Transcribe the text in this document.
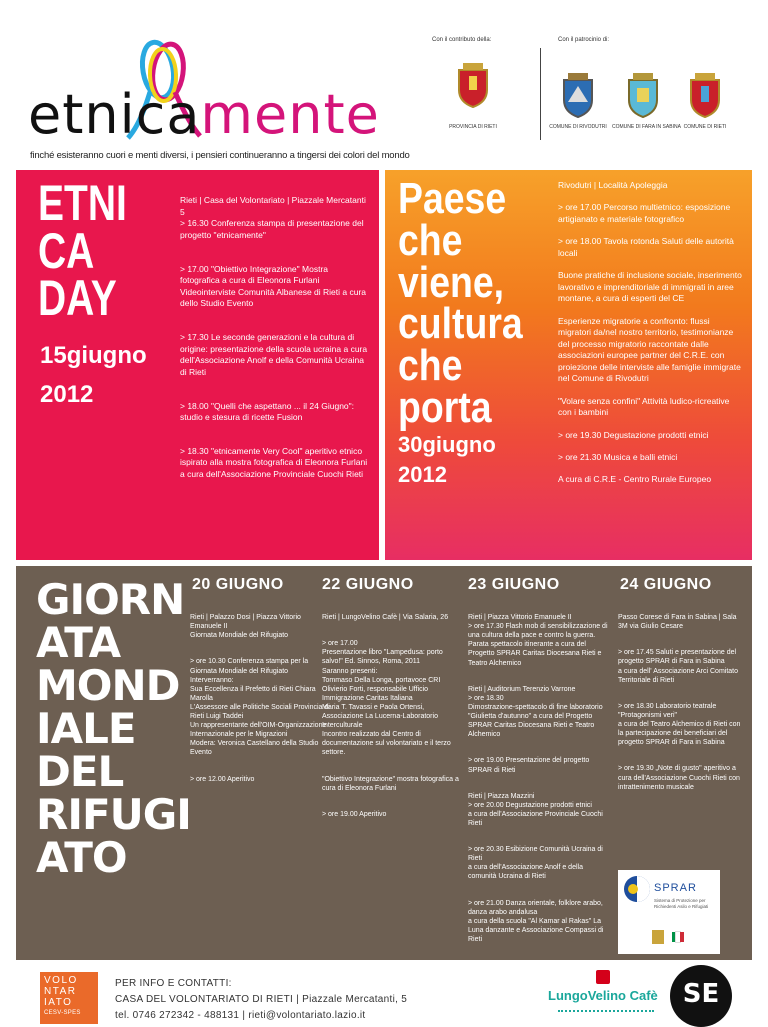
etnicamente
finché esisteranno cuori e menti diversi, i pensieri continueranno a tingersi dei colori del mondo
Con il contributo della:	Con il patrocinio di:
PROVINCIA DI RIETI	COMUNE DI RIVODUTRI	COMUNE DI FARA IN SABINA COMUNE DI RIETI
ETNI
CA
DAY
15giugno
2012

Rieti | Casa del Volontariato | Piazzale Mercatanti 5
> 16.30 Conferenza stampa di presentazione del progetto "etnicamente"

> 17.00 "Obiettivo Integrazione" Mostra fotografica a cura di Eleonora Furlani Videointerviste Comunità Albanese di Rieti a cura dello Studio Evento

> 17.30 Le seconde generazioni e la cultura di origine: presentazione della scuola ucraina a cura dell'Associazione Anolf e della Comunità Ucraina di Rieti

> 18.00 "Quelli che aspettano ... il 24 Giugno": studio e stesura di ricette Fusion

> 18.30 "etnicamente Very Cool" aperitivo etnico ispirato alla mostra fotografica di Eleonora Furlani a cura dell'Associazione Provinciale Cuochi Rieti

Paese
che
viene,
cultura
che
porta
30giugno
2012

Rivodutri | Località Apoleggia

> ore 17.00 Percorso multietnico: esposizione artigianato e materiale fotografico

> ore 18.00 Tavola rotonda Saluti delle autorità locali

Buone pratiche di inclusione sociale, inserimento lavorativo e imprenditoriale di immigrati in aree montane, a cura di esperti del CE

Esperienze migratorie a confronto: flussi migratori da/nel nostro territorio, testimonianze del processo migratorio raccontate dalle associazioni europee partner del C.R.E. con proiezione delle interviste alle famiglie immigrate nel Comune di Rivodutri

"Volare senza confini" Attività ludico-ricreative con i bambini

> ore 19.30 Degustazione prodotti etnici

> ore 21.30 Musica e balli etnici

A cura di C.R.E - Centro Rurale Europeo

GIORN
ATA
MOND
IALE
DEL
RIFUGI
ATO
20 GIUGNO

Rieti | Palazzo Dosi | Piazza Vittorio Emanuele II
Giornata Mondiale del Rifugiato

> ore 10.30 Conferenza stampa per la Giornata Mondiale del Rifugiato
Interverranno:
Sua Eccellenza il Prefetto di Rieti Chiara Marolla
L'Assessore alle Politiche Sociali Provincia di Rieti Luigi Taddei
Un rappresentante dell'OIM-Organizzazione Internazionale per le Migrazioni
Modera: Veronica Castellano della Studio Evento

> ore 12.00 Aperitivo

22 GIUGNO

Rieti | LungoVelino Cafè | Via Salaria, 26

> ore 17.00
Presentazione libro "Lampedusa: porto salvo!" Ed. Sinnos, Roma, 2011
Saranno presenti:
Tommaso Della Longa, portavoce CRI
Olivierio Forti, responsabile Ufficio Immigrazione Caritas Italiana
Maria T. Tavassi e Paola Ortensi, Associazione La Lucerna-Laboratorio Interculturale
Incontro realizzato dal Centro di documentazione sul volontariato e il terzo settore.

"Obiettivo Integrazione" mostra fotografica a cura di Eleonora Furlani

> ore 19.00 Aperitivo

23 GIUGNO

Rieti | Piazza Vittorio Emanuele II
> ore 17.30 Flash mob di sensibilizzazione di una cultura della pace e contro la guerra.
Parata spettacolo itinerante a cura del Progetto SPRAR Caritas Diocesana Rieti e Teatro Alchemico

Rieti | Auditorium Terenzio Varrone
> ore 18.30
Dimostrazione-spettacolo di fine laboratorio "Giulietta d'autunno" a cura del Progetto SPRAR Caritas Diocesana Rieti e Teatro Alchemico

> ore 19.00 Presentazione del progetto SPRAR di Rieti

Rieti | Piazza Mazzini
> ore 20.00 Degustazione prodotti etnici
a cura dell'Associazione Provinciale Cuochi Rieti

> ore 20.30 Esibizione Comunità Ucraina di Rieti
a cura dell'Associazione Anolf e della comunità Ucraina di Rieti

> ore 21.00 Danza orientale, folklore arabo, danza arabo andalusa
a cura della scuola "Al Kamar al Rakas" La Luna danzante e Associazione Compassi di Rieti

24 GIUGNO

Passo Corese di Fara in Sabina | Sala 3M via Giulio Cesare

> ore 17.45 Saluti e presentazione del progetto SPRAR di Fara in Sabina
a cura dell' Associazione Arci Comitato Territoriale di Rieti

> ore 18.30 Laboratorio teatrale "Protagonismi veri"
a cura del Teatro Alchemico di Rieti con la partecipazione dei beneficiari del progetto SPRAR di Fara in Sabina

> ore 19.30 „Note di gusto" aperitivo a cura dell'Associazione Cuochi Rieti con intrattenimento musicale

SPRAR
Sistema di Protezione per Richiedenti Asilo e Rifugiati
VOLO
NTAR
IATO
CESV-SPES
PER INFO E CONTATTI:
CASA DEL VOLONTARIATO DI RIETI | Piazzale Mercatanti, 5
tel. 0746 272342 - 488131 | rieti@volontariato.lazio.it
LungoVelino Cafè SE
